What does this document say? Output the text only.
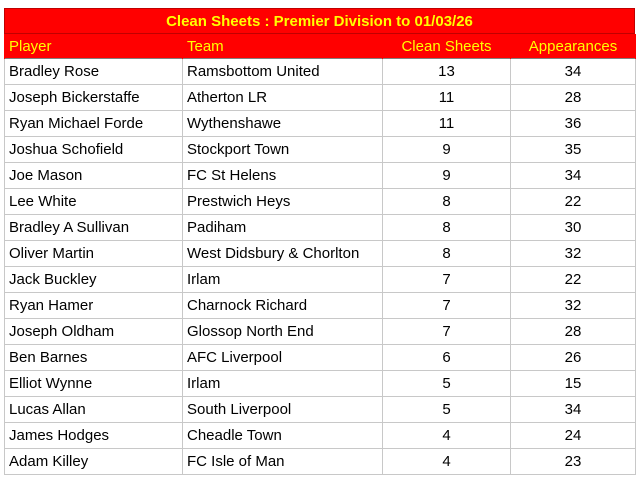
Clean Sheets : Premier Division to 01/03/26
Player	Team	Clean Sheets	Appearances
Bradley Rose	Ramsbottom United	13	34
Joseph Bickerstaffe	Atherton LR	11	28
Ryan Michael Forde	Wythenshawe	11	36
Joshua Schofield	Stockport Town	9	35
Joe Mason	FC St Helens	9	34
Lee White	Prestwich Heys	8	22
Bradley A Sullivan	Padiham	8	30
Oliver Martin	West Didsbury & Chorlton	8	32
Jack Buckley	Irlam	7	22
Ryan Hamer	Charnock Richard	7	32
Joseph Oldham	Glossop North End	7	28
Ben Barnes	AFC Liverpool	6	26
Elliot Wynne	Irlam	5	15
Lucas Allan	South Liverpool	5	34
James Hodges	Cheadle Town	4	24
Adam Killey	FC Isle of Man	4	23
